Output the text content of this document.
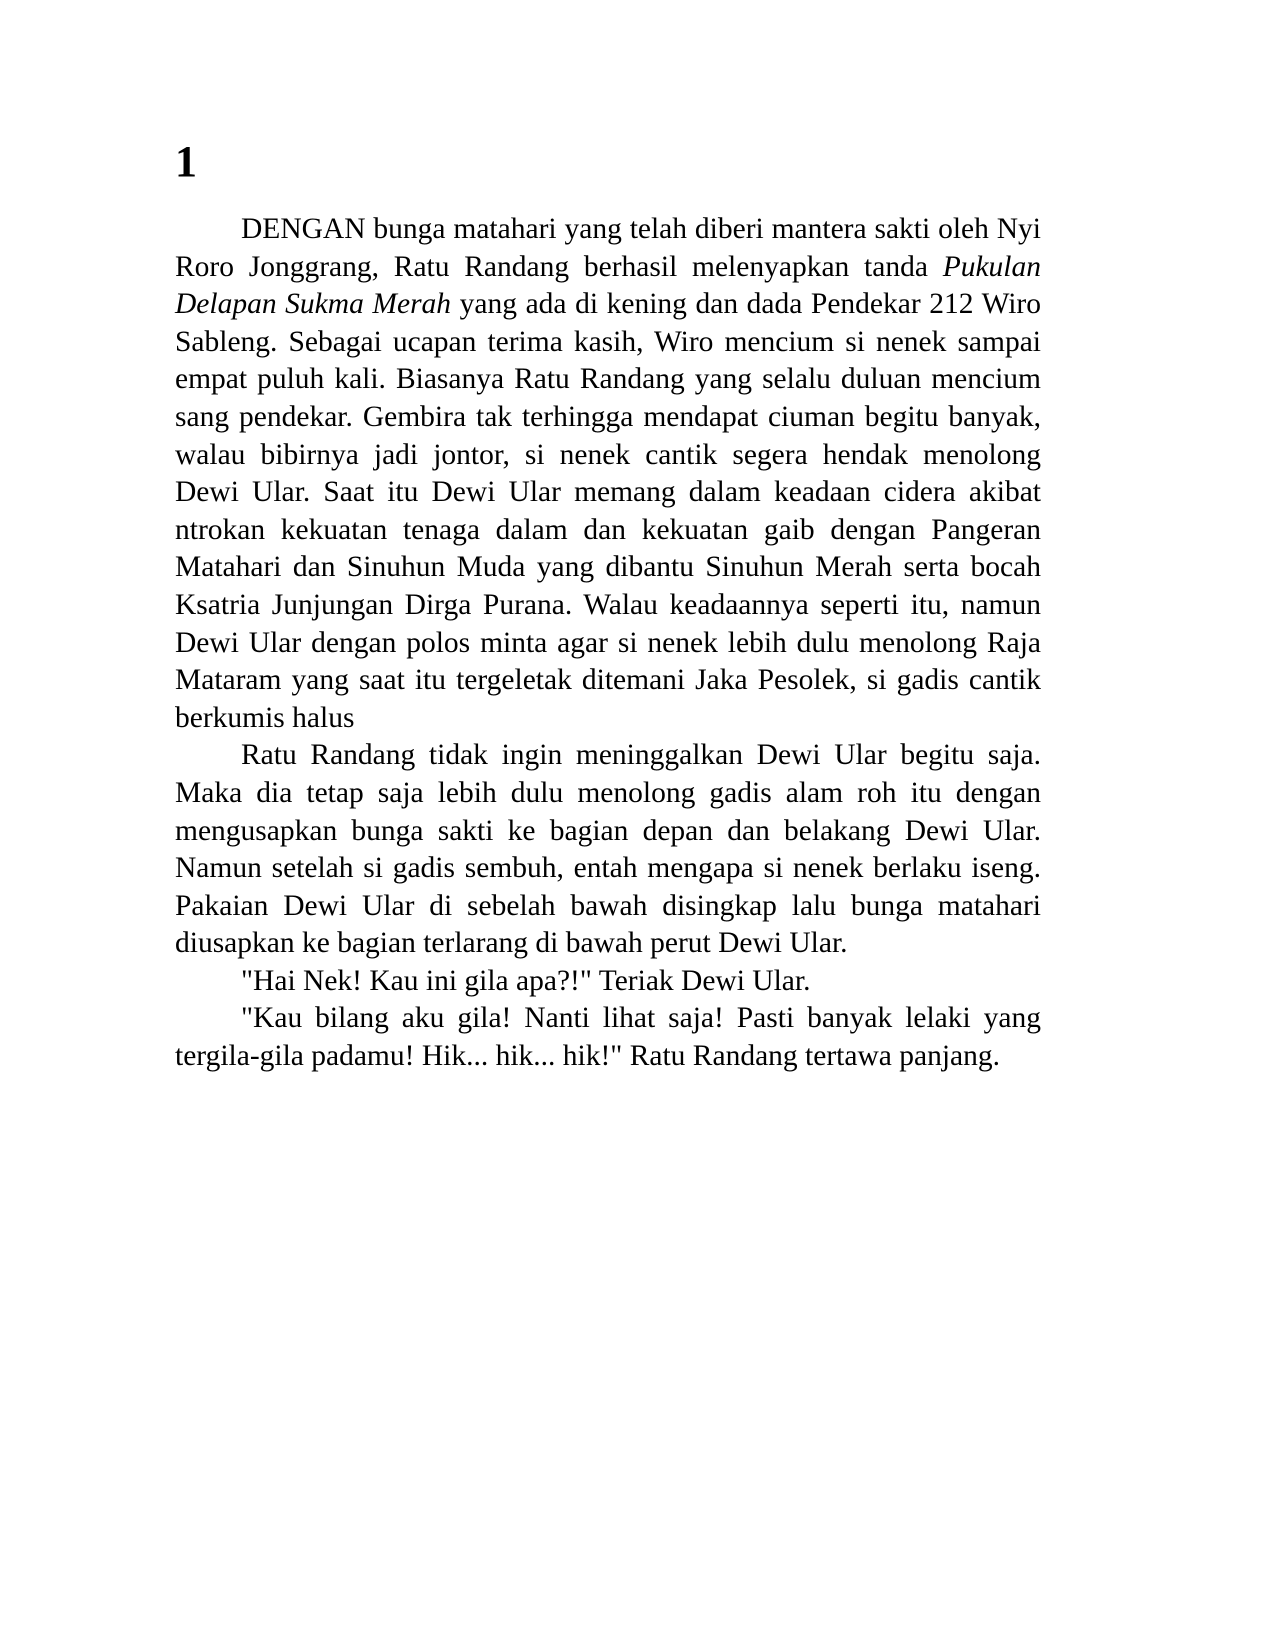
1
DENGAN bunga matahari yang telah diberi mantera sakti oleh Nyi Roro Jonggrang, Ratu Randang berhasil melenyapkan tanda Pukulan Delapan Sukma Merah yang ada di kening dan dada Pendekar 212 Wiro Sableng. Sebagai ucapan terima kasih, Wiro mencium si nenek sampai empat puluh kali. Biasanya Ratu Randang yang selalu duluan mencium sang pendekar. Gembira tak terhingga mendapat ciuman begitu banyak, walau bibirnya jadi jontor, si nenek cantik segera hendak menolong Dewi Ular. Saat itu Dewi Ular memang dalam keadaan cidera akibat ntrokan kekuatan tenaga dalam dan kekuatan gaib dengan Pangeran Matahari dan Sinuhun Muda yang dibantu Sinuhun Merah serta bocah Ksatria Junjungan Dirga Purana. Walau keadaannya seperti itu, namun Dewi Ular dengan polos minta agar si nenek lebih dulu menolong Raja Mataram yang saat itu tergeletak ditemani Jaka Pesolek, si gadis cantik berkumis halus
Ratu Randang tidak ingin meninggalkan Dewi Ular begitu saja. Maka dia tetap saja lebih dulu menolong gadis alam roh itu dengan mengusapkan bunga sakti ke bagian depan dan belakang Dewi Ular. Namun setelah si gadis sembuh, entah mengapa si nenek berlaku iseng. Pakaian Dewi Ular di sebelah bawah disingkap lalu bunga matahari diusapkan ke bagian terlarang di bawah perut Dewi Ular.
"Hai Nek! Kau ini gila apa?!" Teriak Dewi Ular.
"Kau bilang aku gila! Nanti lihat saja! Pasti banyak lelaki yang tergila-gila padamu! Hik... hik... hik!" Ratu Randang tertawa panjang.
